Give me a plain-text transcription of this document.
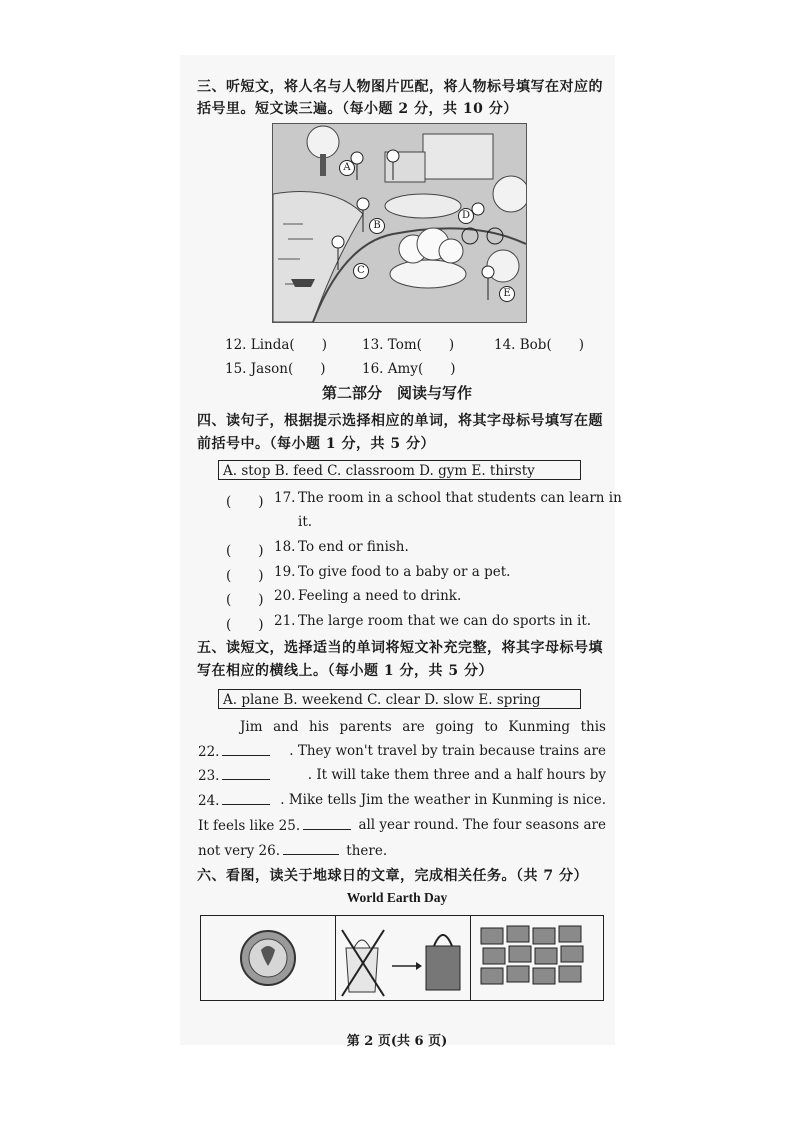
三、听短文，将人名与人物图片匹配，将人物标号填写在对应的
括号里。短文读三遍。（每小题 2 分，共 10 分）
A
B
C
D
E
12. Linda(　　)	13. Tom(　　)	14. Bob(　　)
15. Jason(　　)	16. Amy(　　)
第二部分　阅读与写作
四、读句子，根据提示选择相应的单词，将其字母标号填写在题
前括号中。（每小题 1 分，共 5 分）
A. stop B. feed C. classroom D. gym E. thirsty
(　　) 17. The room in a school that students can learn in
it.
(　　) 18. To end or finish.
(　　) 19. To give food to a baby or a pet.
(　　) 20. Feeling a need to drink.
(　　) 21. The large room that we can do sports in it.
五、读短文，选择适当的单词将短文补充完整，将其字母标号填
写在相应的横线上。（每小题 1 分，共 5 分）
A. plane B. weekend C. clear D. slow E. spring
Jim and his parents are going to Kunming this
22.	. They won't travel by train because trains are
23.	. It will take them three and a half hours by
24.	. Mike tells Jim the weather in Kunming is nice.
It feels like 25.	all year round. The four seasons are
not very 26.	there.
六、看图，读关于地球日的文章，完成相关任务。（共 7 分）
World Earth Day
第 2 页(共 6 页)
